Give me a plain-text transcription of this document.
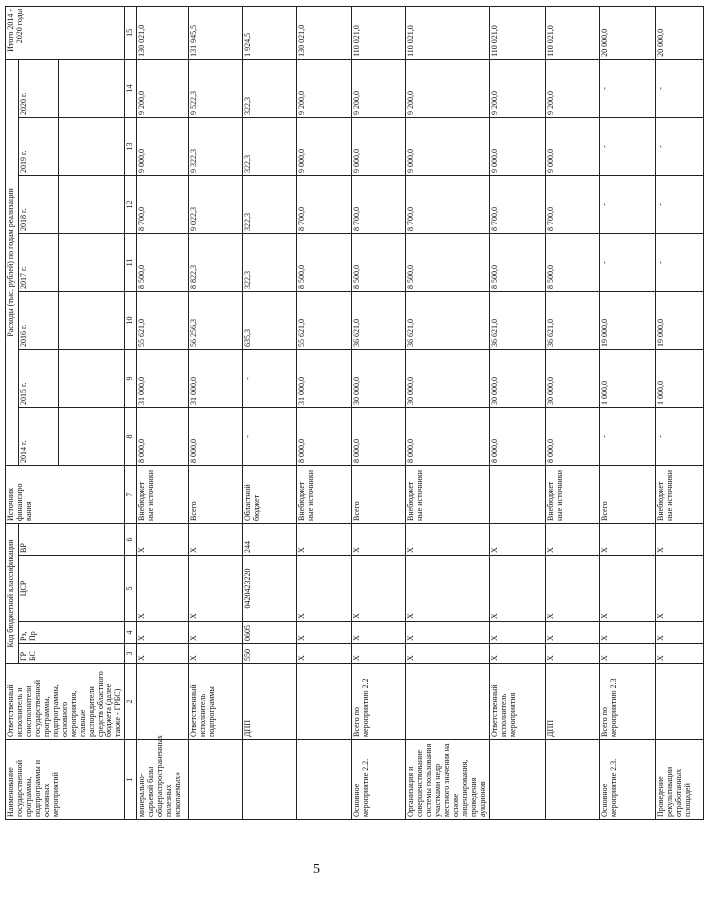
5
Наименование государственной программы, подпрограммы и основных мероприятий	Ответственный исполнитель и соисполнители государственной программы, подпрограммы, основного мероприятия, главные распорядители средств областного бюджета (далее также - ГРБС)	Код бюджетной классификации				Источник финансиро вания	Расходы (тыс. рублей) по годам реализации							Итого 2014 - 2020 годы
		ГР БС	Рз, Пр	ЦСР	ВР		2014 г.	2015 г.	2016 г.	2017 г.	2018 г.	2019 г.	2020 г.	

1	2	3	4	5	6	7	8	9	10	11	12	13	14	15
минерально-сырьевой базы общераспространенных полезных ископаемых»		X	X	X	X	Внебюджет ные источники	8 000,0	31 000,0	55 621,0	8 500,0	8 700,0	9 000,0	9 200,0	130 021,0
	Ответственный исполнитель подпрограммы	X	X	X	X	Всего	8 000,0	31 000,0	56 256,3	8 822,3	9 022,3	9 322,3	9 522,3	131 945,5
	ДПП	550	0605	0420423220	244	Областной бюджет	-	-	635,3	322,3	322,3	322,3	322,3	1 924,5
		X	X	X	X	Внебюджет ные источники	8 000,0	31 000,0	55 621,0	8 500,0	8 700,0	9 000,0	9 200,0	130 021,0
Основное мероприятие 2.2.	Всего по мероприятию 2.2	X	X	X	X	Всего	8 000,0	30 000,0	36 621,0	8 500,0	8 700,0	9 000,0	9 200,0	110 021,0
Организация и совершенствование системы пользования участками недр местного значения на основе лицензирования, проведения аукционов		X	X	X	X	Внебюджет ные источники	8 000,0	30 000,0	36 621,0	8 500,0	8 700,0	9 000,0	9 200,0	110 021,0
	Ответственный исполнитель мероприятия	X	X	X	X		8 000,0	30 000,0	36 621,0	8 500,0	8 700,0	9 000,0	9 200,0	110 021,0
	ДПП	X	X	X	X	Внебюджет ные источники	8 000,0	30 000,0	36 621,0	8 500,0	8 700,0	9 000,0	9 200,0	110 021,0
Основное мероприятие 2.3.	Всего по мероприятию 2.3	X	X	X	X	Всего	-	1 000,0	19 000,0	-	-	-	-	20 000,0
Проведение рекультивации отработанных площадей		X	X	X	X	Внебюджет ные источники	-	1 000,0	19 000,0	-	-	-	-	20 000,0
